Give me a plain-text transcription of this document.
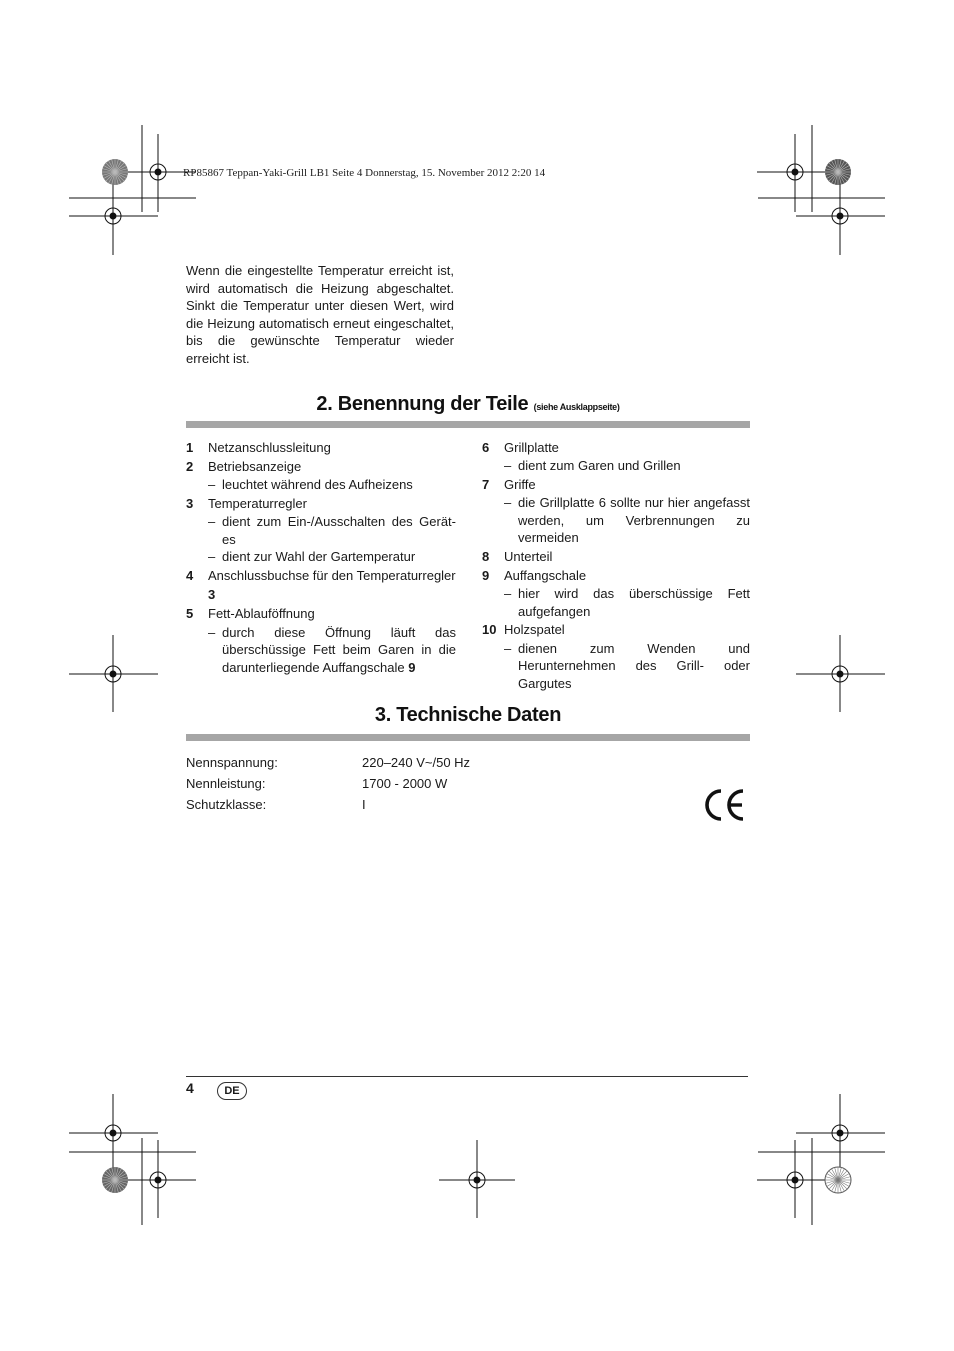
RP85867 Teppan-Yaki-Grill LB1 Seite 4 Donnerstag, 15. November 2012 2:20 14

Wenn die eingestellte Temperatur erreicht ist, wird automatisch die Heizung abgeschaltet. Sinkt die Temperatur unter diesen Wert, wird die Heizung automatisch erneut eingeschaltet, bis die gewünschte Temperatur wieder erreicht ist.

2. Benennung der Teile (siehe Ausklappseite)
1	Netzanschlussleitung
2	Betriebsanzeige
– leuchtet während des Aufheizens
3	Temperaturregler
– dient zum Ein-/Ausschalten des Gerät-es
– dient zur Wahl der Gartemperatur
4	Anschlussbuchse für den Temperaturregler 3
5	Fett-Ablauföffnung
– durch diese Öffnung läuft das überschüssige Fett beim Garen in die darunterliegende Auffangschale 9
6	Grillplatte
– dient zum Garen und Grillen
7	Griffe
– die Grillplatte 6 sollte nur hier angefasst werden, um Verbrennungen zu vermeiden
8	Unterteil
9	Auffangschale
– hier wird das überschüssige Fett aufgefangen
10 Holzspatel
– dienen zum Wenden und Herunternehmen des Grill- oder Gargutes
3. Technische Daten
Nennspannung:	220–240 V~/50 Hz
Nennleistung:	1700 - 2000 W
Schutzklasse:	I
4	DE
